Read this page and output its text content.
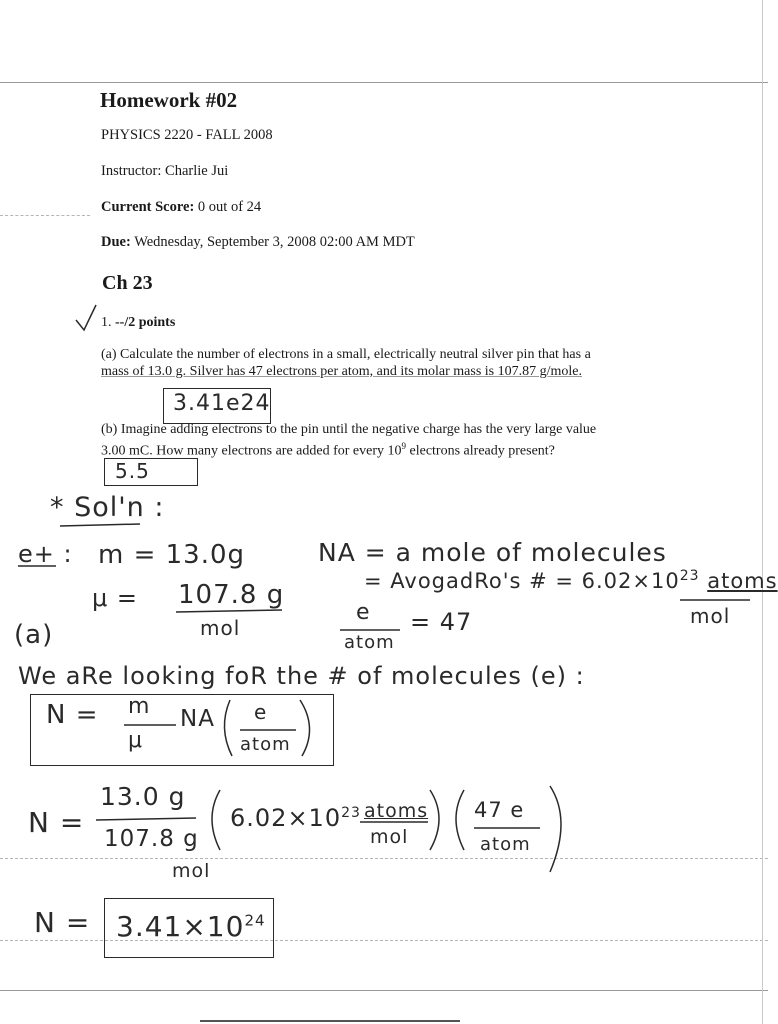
Homework #02
PHYSICS 2220 - FALL 2008
Instructor: Charlie Jui
Current Score: 0 out of 24
Due: Wednesday, September 3, 2008 02:00 AM MDT
Ch 23
1. --/2 points
(a) Calculate the number of electrons in a small, electrically neutral silver pin that has a
mass of 13.0 g. Silver has 47 electrons per atom, and its molar mass is 107.87 g/mole.
3.41e24
(b) Imagine adding electrons to the pin until the negative charge has the very large value
3.00 mC. How many electrons are added for every $10^9$ electrons already present?
5.5
* Sol'n :
e+ : m = 13.0g
μ = 107.8 g
mol
NA = a mole of molecules
= AvogadRo's # = $6.02\times 10^{23}$ atoms
mol
e
atom
= 47
(a)
We aRe looking foR the # of molecules (e) :
N = m
μ
NA e
atom
N =
13.0 g
107.8 g
mol
$6.02\times 10^{23}$ atoms
mol
47 e
atom
$N = 3.41\times 10^{24}$
